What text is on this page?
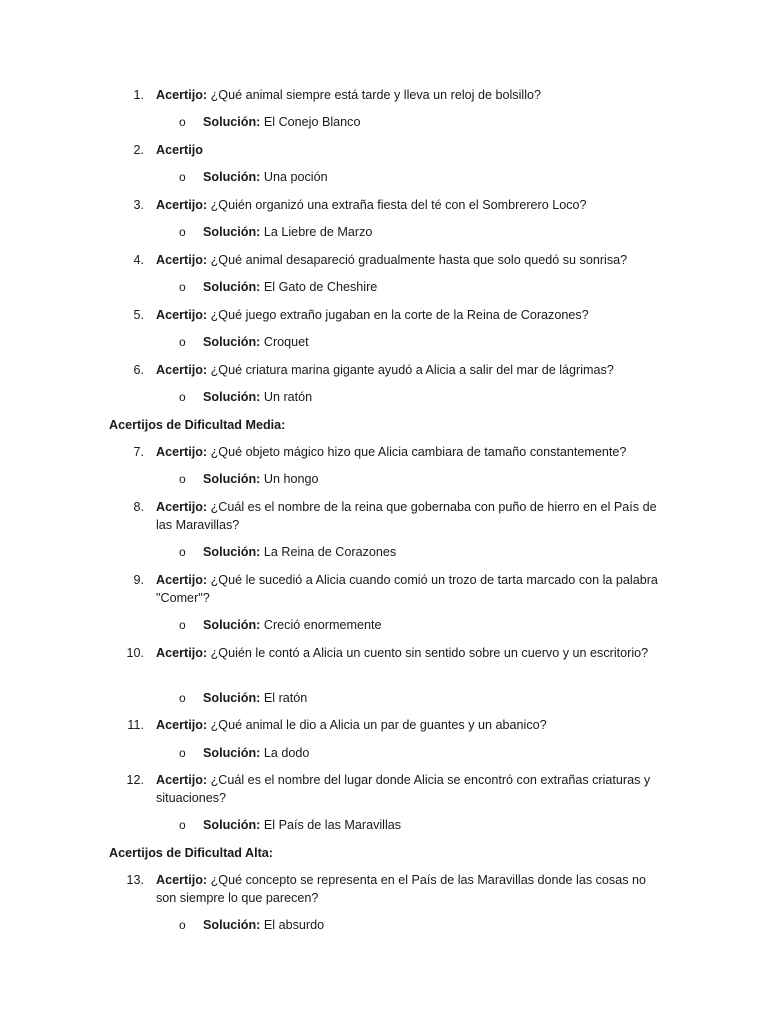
1. Acertijo: ¿Qué animal siempre está tarde y lleva un reloj de bolsillo?
o Solución: El Conejo Blanco
2. Acertijo
o Solución: Una poción
3. Acertijo: ¿Quién organizó una extraña fiesta del té con el Sombrerero Loco?
o Solución: La Liebre de Marzo
4. Acertijo: ¿Qué animal desapareció gradualmente hasta que solo quedó su sonrisa?
o Solución: El Gato de Cheshire
5. Acertijo: ¿Qué juego extraño jugaban en la corte de la Reina de Corazones?
o Solución: Croquet
6. Acertijo: ¿Qué criatura marina gigante ayudó a Alicia a salir del mar de lágrimas?
o Solución: Un ratón
Acertijos de Dificultad Media:
7. Acertijo: ¿Qué objeto mágico hizo que Alicia cambiara de tamaño constantemente?
o Solución: Un hongo
8. Acertijo: ¿Cuál es el nombre de la reina que gobernaba con puño de hierro en el País de las Maravillas?
o Solución: La Reina de Corazones
9. Acertijo: ¿Qué le sucedió a Alicia cuando comió un trozo de tarta marcado con la palabra "Comer"?
o Solución: Creció enormemente
10. Acertijo: ¿Quién le contó a Alicia un cuento sin sentido sobre un cuervo y un escritorio?
o Solución: El ratón
11. Acertijo: ¿Qué animal le dio a Alicia un par de guantes y un abanico?
o Solución: La dodo
12. Acertijo: ¿Cuál es el nombre del lugar donde Alicia se encontró con extrañas criaturas y situaciones?
o Solución: El País de las Maravillas
Acertijos de Dificultad Alta:
13. Acertijo: ¿Qué concepto se representa en el País de las Maravillas donde las cosas no son siempre lo que parecen?
o Solución: El absurdo
